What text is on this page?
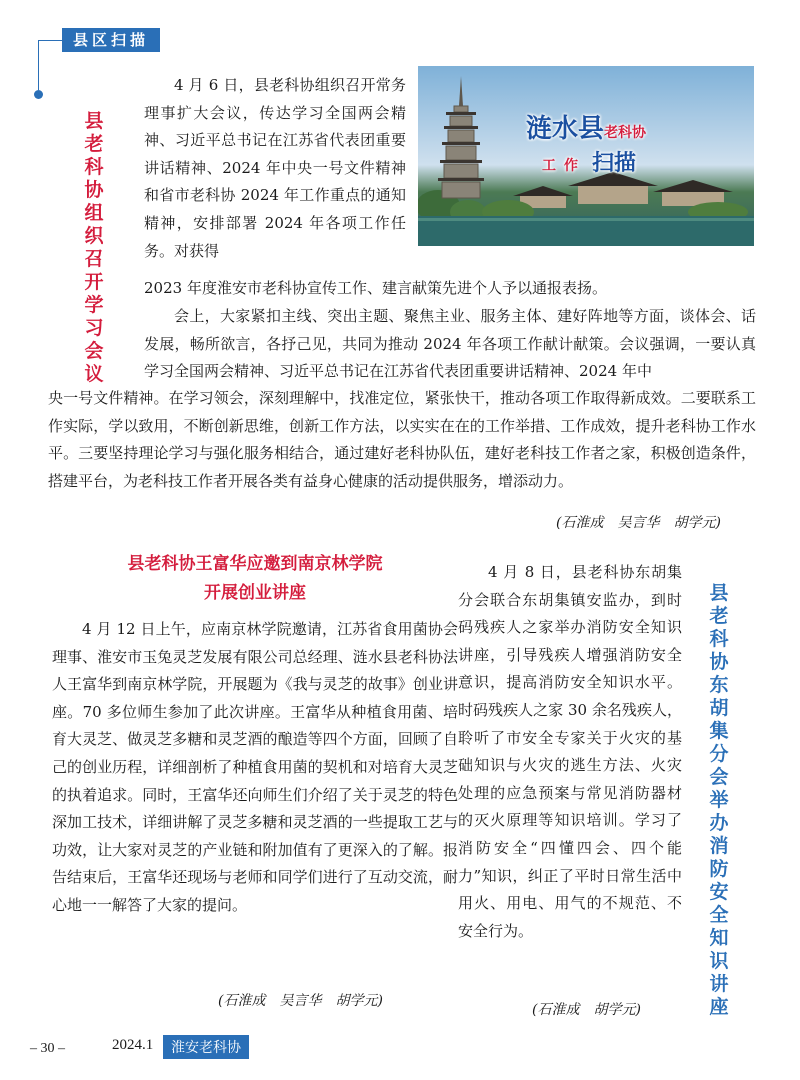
县区扫描
县老科协组织召开学习会议

4 月 6 日，县老科协组织召开常务理事扩大会议，传达学习全国两会精神、习近平总书记在江苏省代表团重要讲话精神、2024 年中央一号文件精神和省市老科协 2024 年工作重点的通知精神，安排部署 2024 年各项工作任务。对获得

涟水县老科协
工作 扫描

2023 年度淮安市老科协宣传工作、建言献策先进个人予以通报表扬。

会上，大家紧扣主线、突出主题、聚焦主业、服务主体、建好阵地等方面，谈体会、话发展，畅所欲言，各抒己见，共同为推动 2024 年各项工作献计献策。会议强调，一要认真学习全国两会精神、习近平总书记在江苏省代表团重要讲话精神、2024 年中

央一号文件精神。在学习领会，深刻理解中，找准定位，紧张快干，推动各项工作取得新成效。二要联系工作实际，学以致用，不断创新思维，创新工作方法，以实实在在的工作举措、工作成效，提升老科协工作水平。三要坚持理论学习与强化服务相结合，通过建好老科协队伍，建好老科技工作者之家，积极创造条件，搭建平台，为老科技工作者开展各类有益身心健康的活动提供服务，增添动力。

(石淮成　吴言华　胡学元)

县老科协王富华应邀到南京林学院

开展创业讲座

4 月 12 日上午，应南京林学院邀请，江苏省食用菌协会理事、淮安市玉兔灵芝发展有限公司总经理、涟水县老科协法人王富华到南京林学院，开展题为《我与灵芝的故事》创业讲座。70 多位师生参加了此次讲座。王富华从种植食用菌、培育大灵芝、做灵芝多糖和灵芝酒的酿造等四个方面，回顾了自己的创业历程，详细剖析了种植食用菌的契机和对培育大灵芝的执着追求。同时，王富华还向师生们介绍了关于灵芝的特色深加工技术，详细讲解了灵芝多糖和灵芝酒的一些提取工艺与功效，让大家对灵芝的产业链和附加值有了更深入的了解。报告结束后，王富华还现场与老师和同学们进行了互动交流，耐心地一一解答了大家的提问。

(石淮成　吴言华　胡学元)

4 月 8 日，县老科协东胡集分会联合东胡集镇安监办，到时码残疾人之家举办消防安全知识讲座，引导残疾人增强消防安全意识，提高消防安全知识水平。时码残疾人之家 30 余名残疾人，聆听了市安全专家关于火灾的基础知识与火灾的逃生方法、火灾处理的应急预案与常见消防器材的灭火原理等知识培训。学习了消防安全“四懂四会、四个能力”知识，纠正了平时日常生活中用火、用电、用气的不规范、不安全行为。

县老科协东胡集分会举办消防安全知识讲座
(石淮成　胡学元)
– 30 –	2024.1	淮安老科协
